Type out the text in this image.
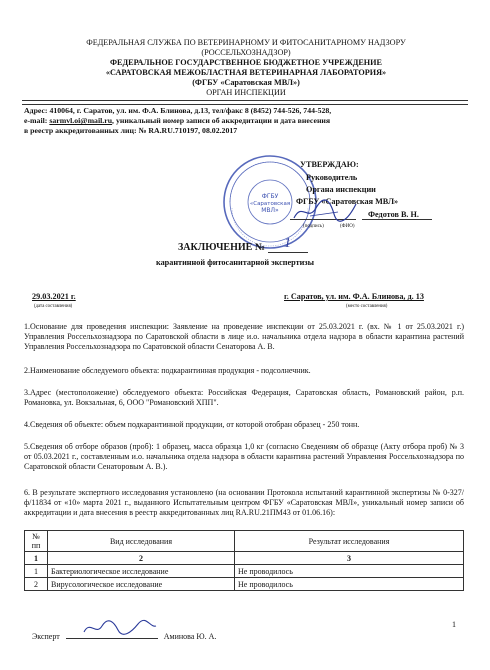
ФЕДЕРАЛЬНАЯ СЛУЖБА ПО ВЕТЕРИНАРНОМУ И ФИТОСАНИТАРНОМУ НАДЗОРУ
(РОССЕЛЬХОЗНАДЗОР)
ФЕДЕРАЛЬНОЕ ГОСУДАРСТВЕННОЕ БЮДЖЕТНОЕ УЧРЕЖДЕНИЕ
«САРАТОВСКАЯ МЕЖОБЛАСТНАЯ ВЕТЕРИНАРНАЯ ЛАБОРАТОРИЯ»
(ФГБУ «Саратовская МВЛ»)
ОРГАН ИНСПЕКЦИИ
Адрес: 410064, г. Саратов, ул. им. Ф.А. Блинова, д.13, тел/факс 8 (8452) 744-526, 744-528,
e-mail: sarmvl.oi@mail.ru, уникальный номер записи об аккредитации и дата внесения
в реестр аккредитованных лиц: № RA.RU.710197, 08.02.2017
ФГБУ
«Саратовская
МВЛ»
УТВЕРЖДАЮ:
Руководитель
Органа инспекции
ФГБУ «Саратовская МВЛ»
Федотов В. Н.
(подпись)	(ФИО)
ЗАКЛЮЧЕНИЕ № 1
карантинной фитосанитарной экспертизы
29.03.2021 г.
(дата составления)
г. Саратов, ул. им. Ф.А. Блинова, д. 13
(место составления)
1.Основание для проведения инспекции: Заявление на проведение инспекции от 25.03.2021 г. (вх. № 1 от 25.03.2021 г.) Управления Россельхознадзора по Саратовской области в лице и.о. начальника отдела надзора в области карантина растений Управления Россельхознадзора по Саратовской области Сенаторова А. В.
2.Наименование обследуемого объекта: подкарантинная продукция - подсолнечник.
3.Адрес (местоположение) обследуемого объекта: Российская Федерация, Саратовская область, Романовский район, р.п. Романовка, ул. Вокзальная, 6, ООО "Романовский ХПП".
4.Сведения об объекте: объем подкарантинной продукции, от которой отобран образец - 250 тонн.
5.Сведения об отборе образов (проб): 1 образец, масса образца 1,0 кг (согласно Сведениям об образце (Акту отбора проб) № 3 от 05.03.2021 г., составленным и.о. начальника отдела надзора в области карантина растений Управления Россельхознадзора по Саратовской области Сенаторовым А. В.).
6. В результате экспертного исследования установлено (на основании Протокола испытаний карантинной экспертизы № 0-327/ф/11834 от «10» марта 2021 г., выданного Испытательным центром ФГБУ «Саратовская МВЛ», уникальный номер записи об аккредитации и дата внесения в реестр аккредитованных лиц RA.RU.21ПМ43 от 01.06.16):
№ пп	Вид исследования	Результат исследования
1	2	3
1	Бактериологическое исследование	Не проводилось
2	Вирусологическое исследование	Не проводилось
1
Эксперт	Аминова Ю. А.
